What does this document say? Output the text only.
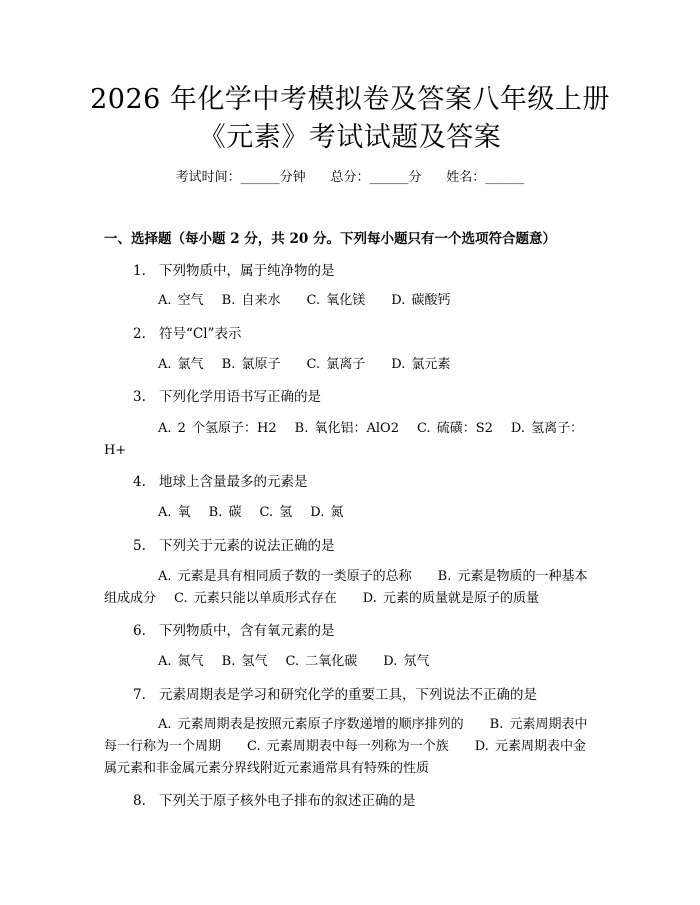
2026 年化学中考模拟卷及答案八年级上册
《元素》考试试题及答案
考试时间：______分钟 总分：______分 姓名：______
一、选择题（每小题 2 分，共 20 分。下列每小题只有一个选项符合题意）
1. 下列物质中，属于纯净物的是
A. 空气 B. 自来水 C. 氧化镁 D. 碳酸钙
2. 符号“Cl”表示
A. 氯气 B. 氯原子 C. 氯离子 D. 氯元素
3. 下列化学用语书写正确的是
A. 2 个氢原子：H2 B. 氧化铝：AlO2 C. 硫磺：S2 D. 氢离子：H+
4. 地球上含量最多的元素是
A. 氧 B. 碳 C. 氢 D. 氮
5. 下列关于元素的说法正确的是
A. 元素是具有相同质子数的一类原子的总称 B. 元素是物质的一种基本组成成分 C. 元素只能以单质形式存在 D. 元素的质量就是原子的质量
6. 下列物质中，含有氧元素的是
A. 氮气 B. 氢气 C. 二氧化碳 D. 氖气
7. 元素周期表是学习和研究化学的重要工具，下列说法不正确的是
A. 元素周期表是按照元素原子序数递增的顺序排列的 B. 元素周期表中每一行称为一个周期 C. 元素周期表中每一列称为一个族 D. 元素周期表中金属元素和非金属元素分界线附近元素通常具有特殊的性质
8. 下列关于原子核外电子排布的叙述正确的是
